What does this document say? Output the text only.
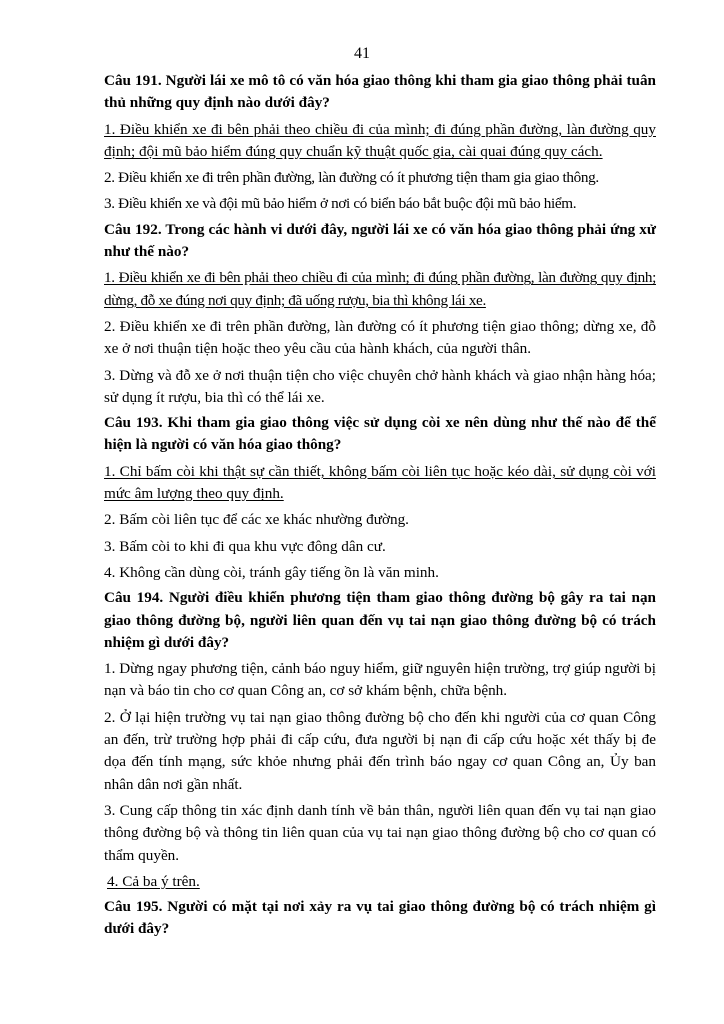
41

Câu 191. Người lái xe mô tô có văn hóa giao thông khi tham gia giao thông phải tuân thủ những quy định nào dưới đây?

1. Điều khiển xe đi bên phải theo chiều đi của mình; đi đúng phần đường, làn đường quy định; đội mũ bảo hiểm đúng quy chuẩn kỹ thuật quốc gia, cài quai đúng quy cách.

2. Điều khiển xe đi trên phần đường, làn đường có ít phương tiện tham gia giao thông.

3. Điều khiển xe và đội mũ bảo hiểm ở nơi có biển báo bắt buộc đội mũ bảo hiểm.

Câu 192. Trong các hành vi dưới đây, người lái xe có văn hóa giao thông phải ứng xử như thế nào?

1. Điều khiển xe đi bên phải theo chiều đi của mình; đi đúng phần đường, làn đường quy định; dừng, đỗ xe đúng nơi quy định; đã uống rượu, bia thì không lái xe.

2. Điều khiển xe đi trên phần đường, làn đường có ít phương tiện giao thông; dừng xe, đỗ xe ở nơi thuận tiện hoặc theo yêu cầu của hành khách, của người thân.

3. Dừng và đỗ xe ở nơi thuận tiện cho việc chuyên chở hành khách và giao nhận hàng hóa; sử dụng ít rượu, bia thì có thể lái xe.

Câu 193. Khi tham gia giao thông việc sử dụng còi xe nên dùng như thế nào để thể hiện là người có văn hóa giao thông?

1. Chỉ bấm còi khi thật sự cần thiết, không bấm còi liên tục hoặc kéo dài, sử dụng còi với mức âm lượng theo quy định.

2. Bấm còi liên tục để các xe khác nhường đường.

3. Bấm còi to khi đi qua khu vực đông dân cư.

4. Không cần dùng còi, tránh gây tiếng ồn là văn minh.

Câu 194. Người điều khiển phương tiện tham giao thông đường bộ gây ra tai nạn giao thông đường bộ, người liên quan đến vụ tai nạn giao thông đường bộ có trách nhiệm gì dưới đây?

1. Dừng ngay phương tiện, cảnh báo nguy hiểm, giữ nguyên hiện trường, trợ giúp người bị nạn và báo tin cho cơ quan Công an, cơ sở khám bệnh, chữa bệnh.

2. Ở lại hiện trường vụ tai nạn giao thông đường bộ cho đến khi người của cơ quan Công an đến, trừ trường hợp phải đi cấp cứu, đưa người bị nạn đi cấp cứu hoặc xét thấy bị đe dọa đến tính mạng, sức khỏe nhưng phải đến trình báo ngay cơ quan Công an, Ủy ban nhân dân nơi gần nhất.

3. Cung cấp thông tin xác định danh tính về bản thân, người liên quan đến vụ tai nạn giao thông đường bộ và thông tin liên quan của vụ tai nạn giao thông đường bộ cho cơ quan có thẩm quyền.

4. Cả ba ý trên.

Câu 195. Người có mặt tại nơi xảy ra vụ tai giao thông đường bộ có trách nhiệm gì dưới đây?
